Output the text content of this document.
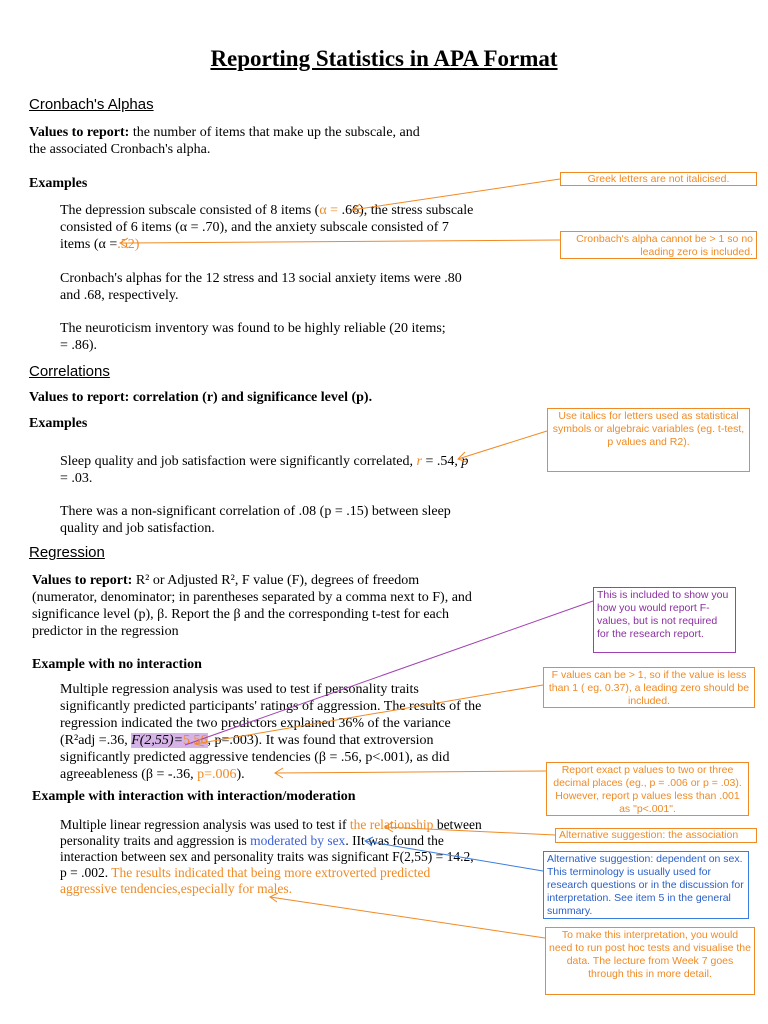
Reporting Statistics in APA Format
Cronbach's Alphas
Values to report: the number of items that make up the subscale, and
the associated Cronbach's alpha.
Examples
The depression subscale consisted of 8 items (α = .66), the stress subscale
consisted of 6 items (α = .70), and the anxiety subscale consisted of 7
items (α =.52)
Cronbach's alphas for the 12 stress and 13 social anxiety items were .80
and .68, respectively.
The neuroticism inventory was found to be highly reliable (20 items;
= .86).
Correlations
Values to report: correlation (r) and significance level (p).
Examples
Sleep quality and job satisfaction were significantly correlated, r = .54, p
= .03.
There was a non-significant correlation of .08 (p = .15) between sleep
quality and job satisfaction.
Regression
Values to report: R² or Adjusted R², F value (F), degrees of freedom
(numerator, denominator; in parentheses separated by a comma next to F), and
significance level (p), β. Report the β and the corresponding t-test for each
predictor in the regression
Example with no interaction
Multiple regression analysis was used to test if personality traits
significantly predicted participants' ratings of aggression. The results of the
regression indicated the two predictors explained 36% of the variance
(R²adj =.36, F(2,55)=5.56, p=.003). It was found that extroversion
significantly predicted aggressive tendencies (β = .56, p<.001), as did
agreeableness (β = -.36, p=.006).
Example with interaction with interaction/moderation
Multiple linear regression analysis was used to test if the relationship between
personality traits and aggression is moderated by sex. IIt was found the
interaction between sex and personality traits was significant F(2,55) = 14.2,
p = .002. The results indicated that being more extroverted predicted
aggressive tendencies,especially for males.
Greek letters are not italicised.
Cronbach's alpha cannot be > 1 so no leading zero is included.
Use italics for letters used as statistical symbols or algebraic variables (eg. t-test, p values and R2).
This is included to show you how you would report F-values, but is not required for the research report.
F values can be > 1, so if the value is less than 1 ( eg. 0.37), a leading zero should be included.
Report exact p values to two or three decimal places (eg., p = .006 or p = .03). However, report p values less than .001 as "p<.001".
Alternative suggestion: the association
Alternative suggestion: dependent on sex. This terminology is usually used for research questions or in the discussion for interpretation. See item 5 in the general summary.
To make this interpretation, you would need to run post hoc tests and visualise the data. The lecture from Week 7 goes through this in more detail.
